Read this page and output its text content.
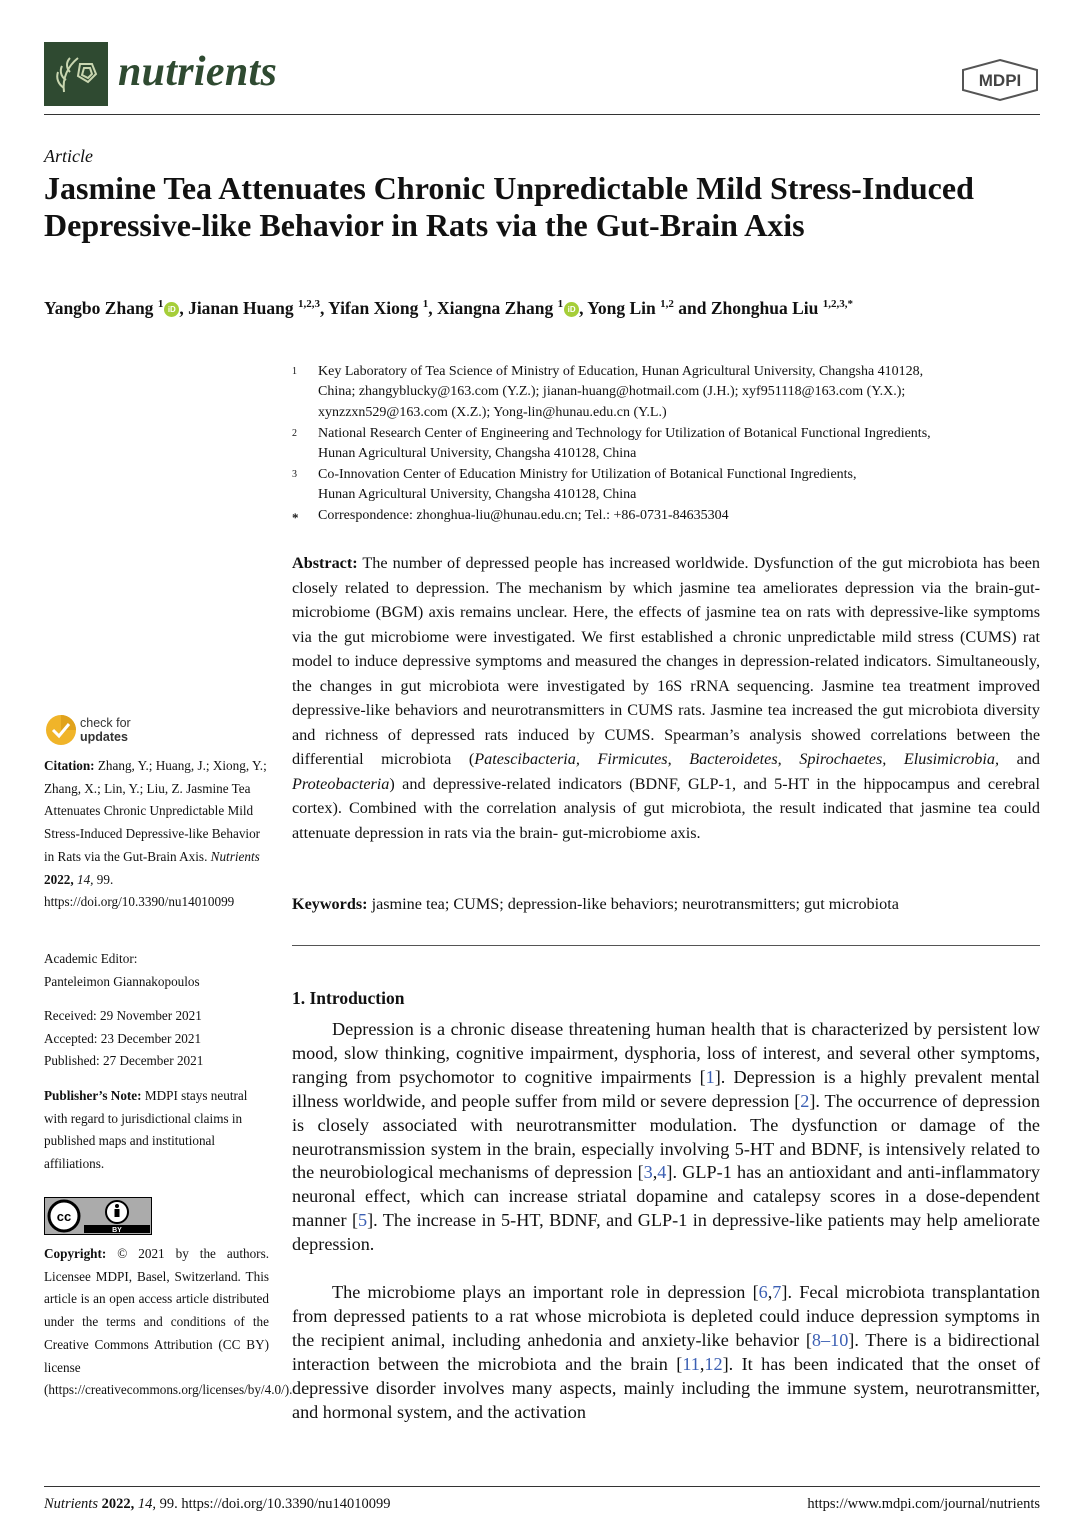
nutrients	MDPI
Article
Jasmine Tea Attenuates Chronic Unpredictable Mild Stress-Induced Depressive-like Behavior in Rats via the Gut-Brain Axis
Yangbo Zhang $^1$ iD , Jianan Huang $^{1,2,3}$, Yifan Xiong $^1$, Xiangna Zhang $^1$ iD , Yong Lin $^{1,2}$ and Zhonghua Liu $^{1,2,3,*}$
1 Key Laboratory of Tea Science of Ministry of Education, Hunan Agricultural University, Changsha 410128,
China; zhangyblucky@163.com (Y.Z.); jianan-huang@hotmail.com (J.H.); xyf951118@163.com (Y.X.);
xynzzxn529@163.com (X.Z.); Yong-lin@hunau.edu.cn (Y.L.)
2 National Research Center of Engineering and Technology for Utilization of Botanical Functional Ingredients,
Hunan Agricultural University, Changsha 410128, China
3 Co-Innovation Center of Education Ministry for Utilization of Botanical Functional Ingredients,
Hunan Agricultural University, Changsha 410128, China
* Correspondence: zhonghua-liu@hunau.edu.cn; Tel.: +86-0731-84635304
Abstract: The number of depressed people has increased worldwide. Dysfunction of the gut microbiota has been closely related to depression. The mechanism by which jasmine tea ameliorates depression via the brain-gut-microbiome (BGM) axis remains unclear. Here, the effects of jasmine tea on rats with depressive-like symptoms via the gut microbiome were investigated. We first established a chronic unpredictable mild stress (CUMS) rat model to induce depressive symptoms and measured the changes in depression-related indicators. Simultaneously, the changes in gut microbiota were investigated by 16S rRNA sequencing. Jasmine tea treatment improved depressive-like behaviors and neurotransmitters in CUMS rats. Jasmine tea increased the gut microbiota diversity and richness of depressed rats induced by CUMS. Spearman’s analysis showed correlations between the differential microbiota (Patescibacteria, Firmicutes, Bacteroidetes, Spirochaetes, Elusimicrobia, and Proteobacteria) and depressive-related indicators (BDNF, GLP-1, and 5-HT in the hippocampus and cerebral cortex). Combined with the correlation analysis of gut microbiota, the result indicated that jasmine tea could attenuate depression in rats via the brain- gut-microbiome axis.
Keywords: jasmine tea; CUMS; depression-like behaviors; neurotransmitters; gut microbiota
check for
updates
Citation: Zhang, Y.; Huang, J.; Xiong, Y.; Zhang, X.; Lin, Y.; Liu, Z. Jasmine Tea Attenuates Chronic Unpredictable Mild Stress-Induced Depressive-like Behavior in Rats via the Gut-Brain Axis. Nutrients 2022, 14, 99. https://doi.org/10.3390/nu14010099
Academic Editor:
Panteleimon Giannakopoulos
Received: 29 November 2021
Accepted: 23 December 2021
Published: 27 December 2021
Publisher’s Note: MDPI stays neutral with regard to jurisdictional claims in published maps and institutional affiliations.
BY
cc
Copyright: © 2021 by the authors. Licensee MDPI, Basel, Switzerland. This article is an open access article distributed under the terms and conditions of the Creative Commons Attribution (CC BY) license (https://creativecommons.org/licenses/by/4.0/).
1. Introduction
Depression is a chronic disease threatening human health that is characterized by persistent low mood, slow thinking, cognitive impairment, dysphoria, loss of interest, and several other symptoms, ranging from psychomotor to cognitive impairments [1]. Depression is a highly prevalent mental illness worldwide, and people suffer from mild or severe depression [2]. The occurrence of depression is closely associated with neurotransmitter modulation. The dysfunction or damage of the neurotransmission system in the brain, especially involving 5-HT and BDNF, is intensively related to the neurobiological mechanisms of depression [3,4]. GLP-1 has an antioxidant and anti-inflammatory neuronal effect, which can increase striatal dopamine and catalepsy scores in a dose-dependent manner [5]. The increase in 5-HT, BDNF, and GLP-1 in depressive-like patients may help ameliorate depression.
The microbiome plays an important role in depression [6,7]. Fecal microbiota transplantation from depressed patients to a rat whose microbiota is depleted could induce depression symptoms in the recipient animal, including anhedonia and anxiety-like behavior [8–10]. There is a bidirectional interaction between the microbiota and the brain [11,12]. It has been indicated that the onset of depressive disorder involves many aspects, mainly including the immune system, neurotransmitter, and hormonal system, and the activation
Nutrients 2022, 14, 99. https://doi.org/10.3390/nu14010099	https://www.mdpi.com/journal/nutrients
